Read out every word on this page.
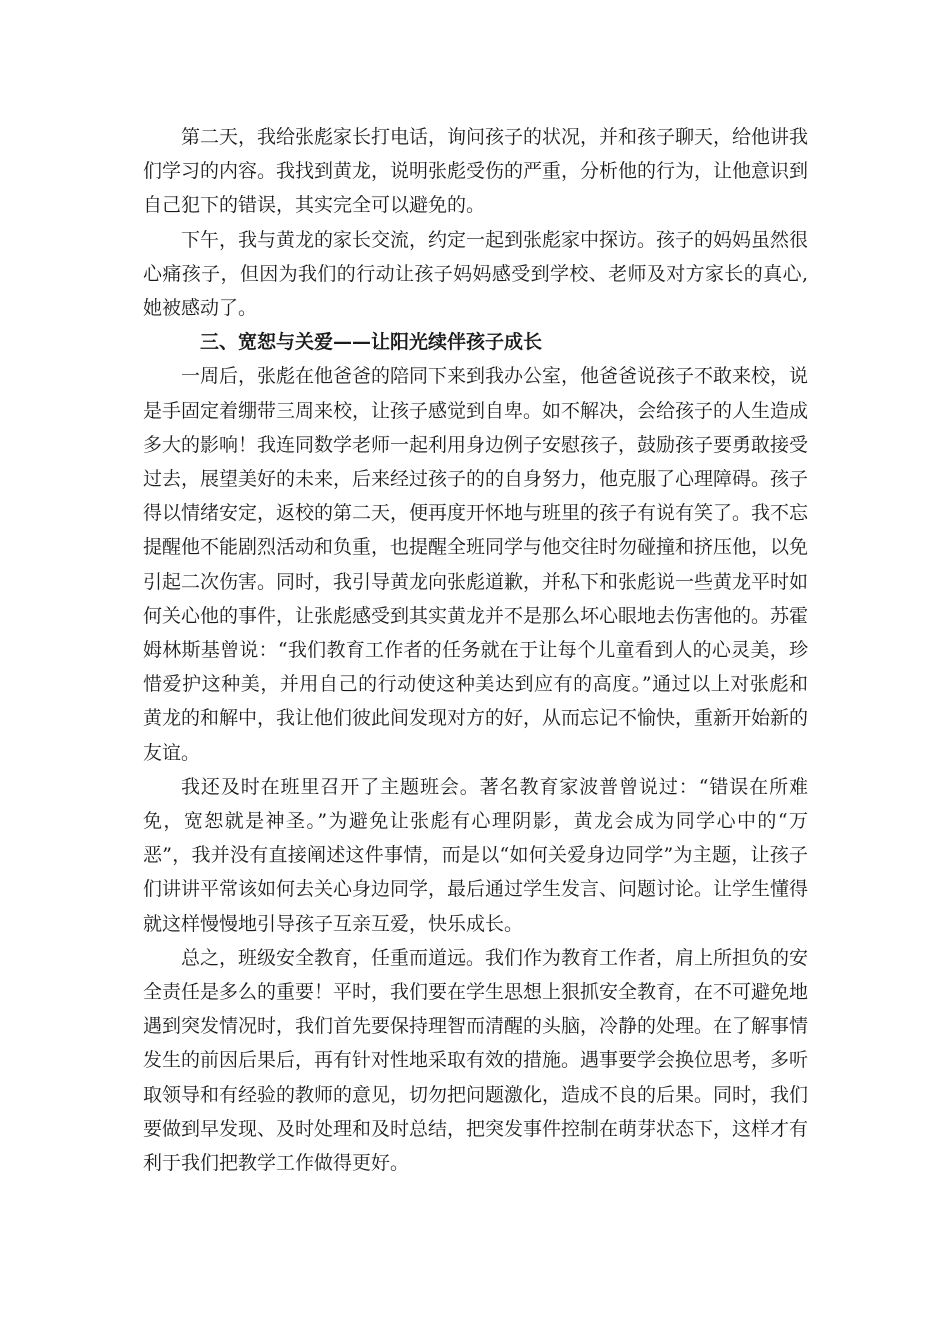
第二天，我给张彪家长打电话，询问孩子的状况，并和孩子聊天，给他讲我们学习的内容。我找到黄龙，说明张彪受伤的严重，分析他的行为，让他意识到自己犯下的错误，其实完全可以避免的。

下午，我与黄龙的家长交流，约定一起到张彪家中探访。孩子的妈妈虽然很心痛孩子，但因为我们的行动让孩子妈妈感受到学校、老师及对方家长的真心,她被感动了。

三、宽恕与关爱——让阳光续伴孩子成长

一周后，张彪在他爸爸的陪同下来到我办公室，他爸爸说孩子不敢来校，说是手固定着绷带三周来校，让孩子感觉到自卑。如不解决，会给孩子的人生造成多大的影响！我连同数学老师一起利用身边例子安慰孩子，鼓励孩子要勇敢接受过去，展望美好的未来，后来经过孩子的的自身努力，他克服了心理障碍。孩子得以情绪安定，返校的第二天，便再度开怀地与班里的孩子有说有笑了。我不忘提醒他不能剧烈活动和负重，也提醒全班同学与他交往时勿碰撞和挤压他，以免引起二次伤害。同时，我引导黄龙向张彪道歉，并私下和张彪说一些黄龙平时如何关心他的事件，让张彪感受到其实黄龙并不是那么坏心眼地去伤害他的。苏霍姆林斯基曾说：“我们教育工作者的任务就在于让每个儿童看到人的心灵美，珍惜爱护这种美，并用自己的行动使这种美达到应有的高度。”通过以上对张彪和黄龙的和解中，我让他们彼此间发现对方的好，从而忘记不愉快，重新开始新的友谊。

我还及时在班里召开了主题班会。著名教育家波普曾说过：“错误在所难免，宽恕就是神圣。”为避免让张彪有心理阴影，黄龙会成为同学心中的“万恶”，我并没有直接阐述这件事情，而是以“如何关爱身边同学”为主题，让孩子们讲讲平常该如何去关心身边同学，最后通过学生发言、问题讨论。让学生懂得就这样慢慢地引导孩子互亲互爱，快乐成长。

总之，班级安全教育，任重而道远。我们作为教育工作者，肩上所担负的安全责任是多么的重要！平时，我们要在学生思想上狠抓安全教育，在不可避免地遇到突发情况时，我们首先要保持理智而清醒的头脑，冷静的处理。在了解事情发生的前因后果后，再有针对性地采取有效的措施。遇事要学会换位思考，多听取领导和有经验的教师的意见，切勿把问题激化，造成不良的后果。同时，我们要做到早发现、及时处理和及时总结，把突发事件控制在萌芽状态下，这样才有利于我们把教学工作做得更好。
